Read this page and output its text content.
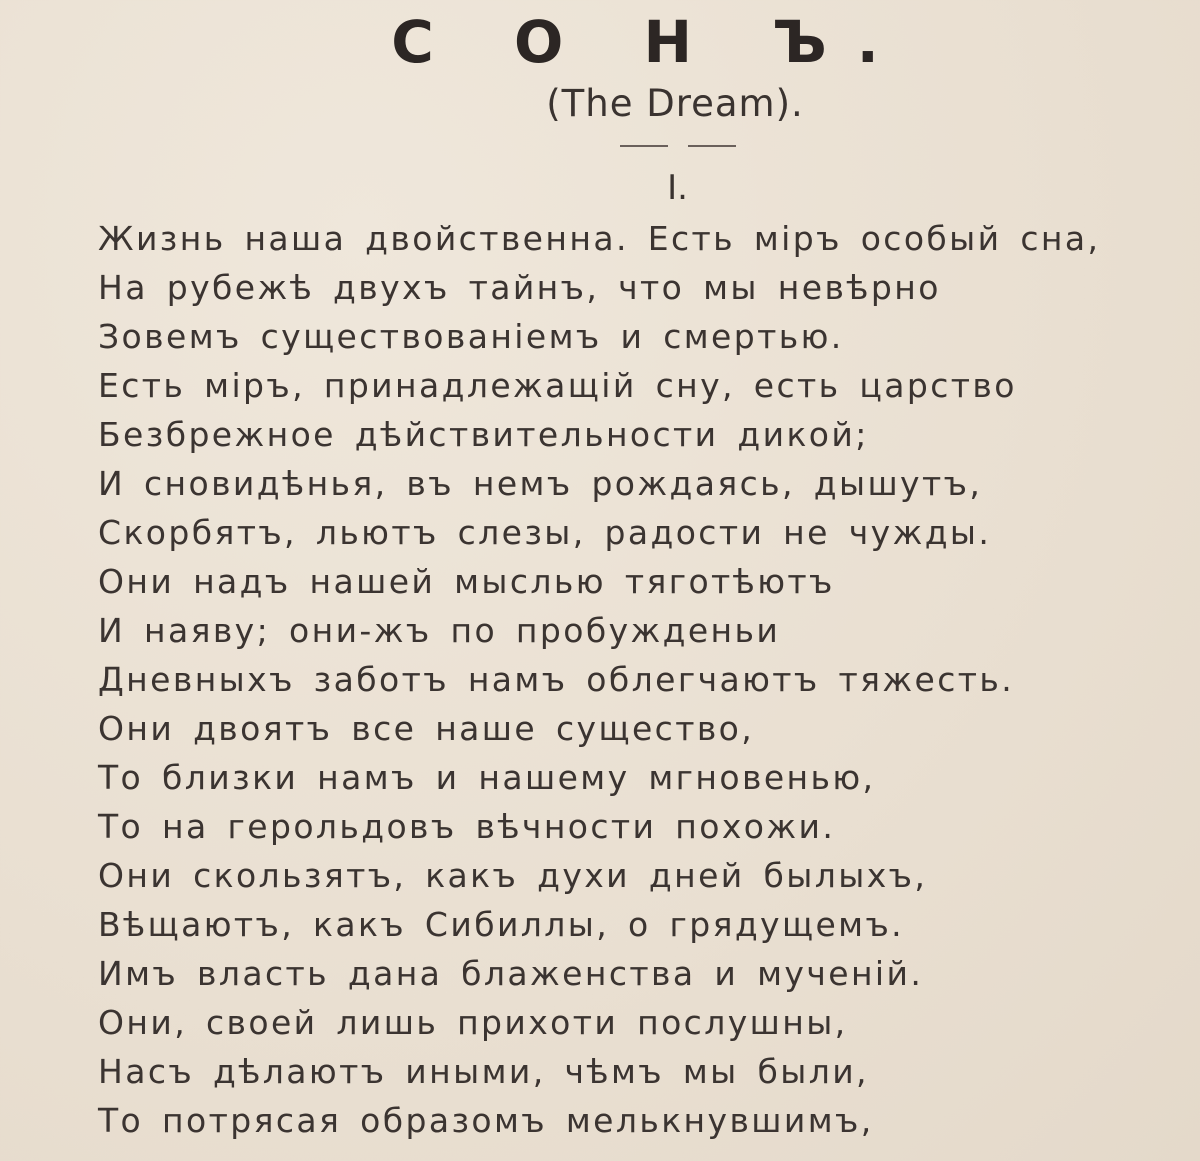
С О Н Ъ.
(The Dream).
I.
Жизнь наша двойственна. Есть міръ особый сна,
На рубежѣ двухъ тайнъ, что мы невѣрно
Зовемъ существованіемъ и смертью.
Есть міръ, принадлежащій сну, есть царство
Безбрежное дѣйствительности дикой;
И сновидѣнья, въ немъ рождаясь, дышутъ,
Скорбятъ, льютъ слезы, радости не чужды.
Они надъ нашей мыслью тяготѣютъ
И наяву; они-жъ по пробужденьи
Дневныхъ заботъ намъ облегчаютъ тяжесть.
Они двоятъ все наше существо,
То близки намъ и нашему мгновенью,
То на герольдовъ вѣчности похожи.
Они скользятъ, какъ духи дней былыхъ,
Вѣщаютъ, какъ Сибиллы, о грядущемъ.
Имъ власть дана блаженства и мученій.
Они, своей лишь прихоти послушны,
Насъ дѣлаютъ иными, чѣмъ мы были,
То потрясая образомъ мелькнувшимъ,
